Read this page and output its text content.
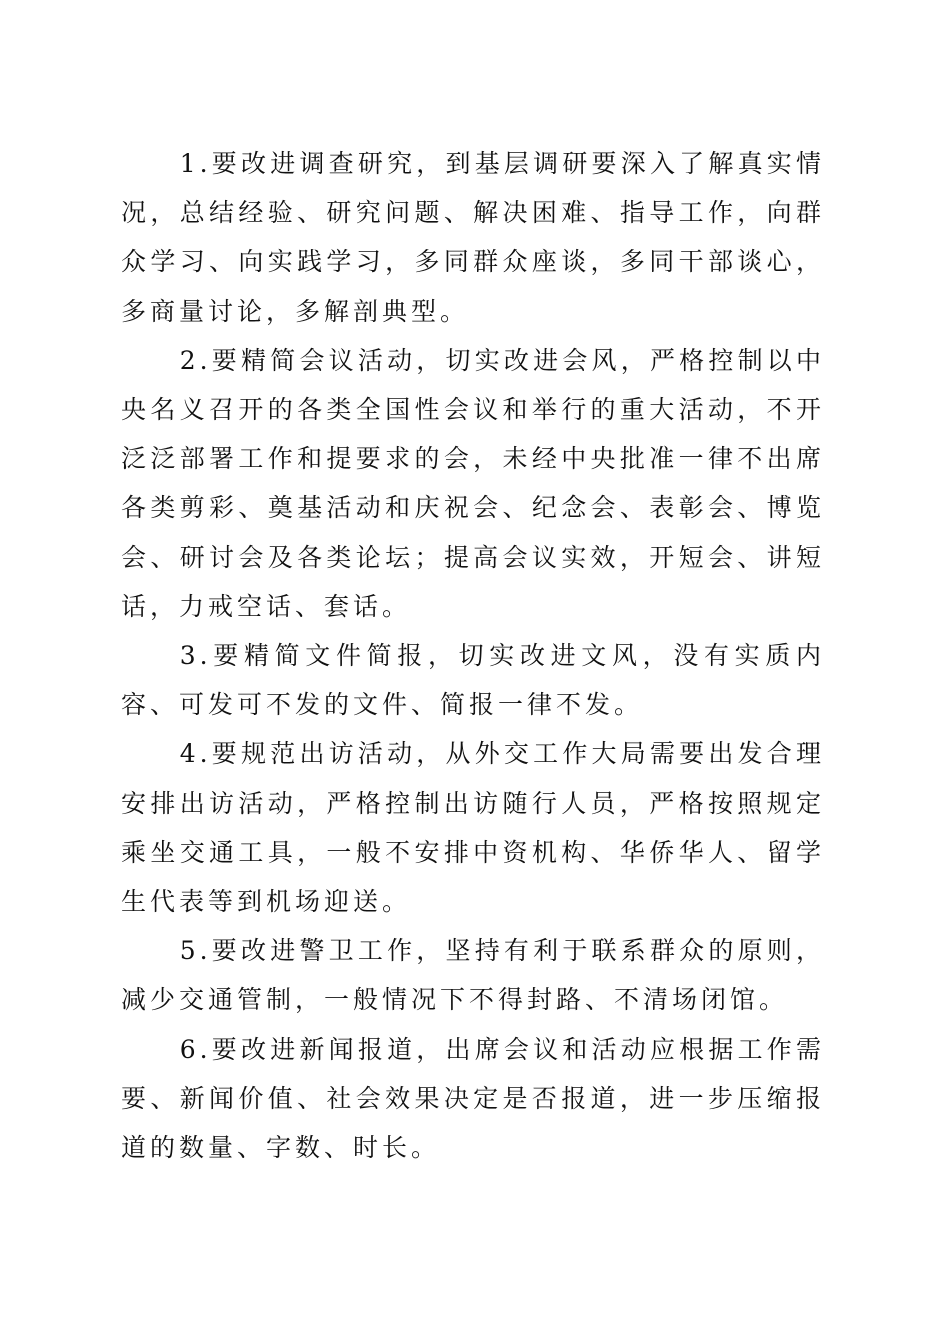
1.要改进调查研究，到基层调研要深入了解真实情况，总结经验、研究问题、解决困难、指导工作，向群众学习、向实践学习，多同群众座谈，多同干部谈心，多商量讨论，多解剖典型。

2.要精简会议活动，切实改进会风，严格控制以中央名义召开的各类全国性会议和举行的重大活动，不开泛泛部署工作和提要求的会，未经中央批准一律不出席各类剪彩、奠基活动和庆祝会、纪念会、表彰会、博览会、研讨会及各类论坛；提高会议实效，开短会、讲短话，力戒空话、套话。

3.要精简文件简报，切实改进文风，没有实质内容、可发可不发的文件、简报一律不发。

4.要规范出访活动，从外交工作大局需要出发合理安排出访活动，严格控制出访随行人员，严格按照规定乘坐交通工具，一般不安排中资机构、华侨华人、留学生代表等到机场迎送。

5.要改进警卫工作，坚持有利于联系群众的原则，减少交通管制，一般情况下不得封路、不清场闭馆。

6.要改进新闻报道，出席会议和活动应根据工作需要、新闻价值、社会效果决定是否报道，进一步压缩报道的数量、字数、时长。
